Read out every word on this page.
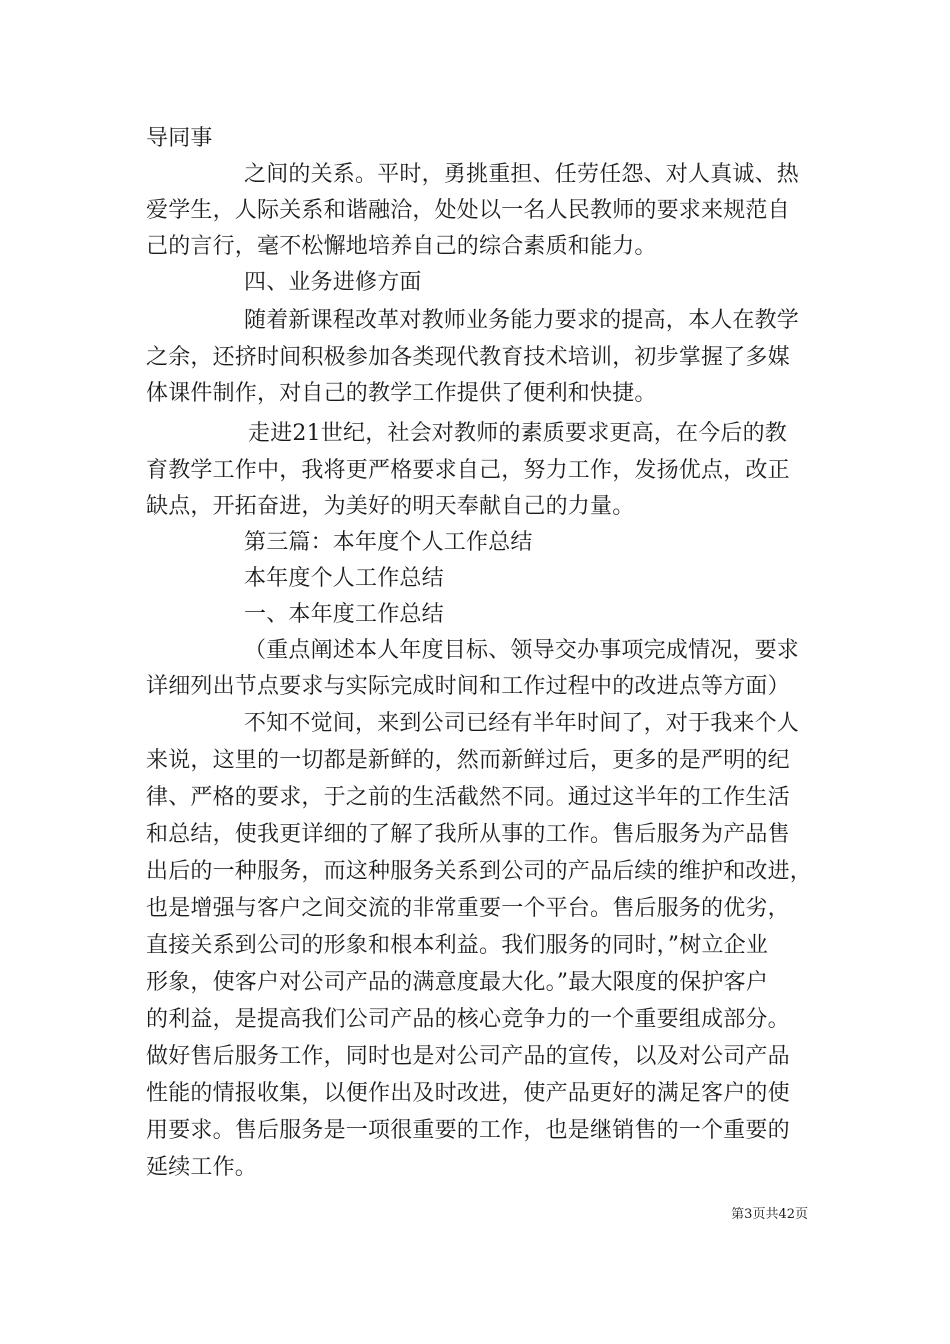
导同事
之间的关系。平时，勇挑重担、任劳任怨、对人真诚、热
爱学生，人际关系和谐融洽，处处以一名人民教师的要求来规范自
己的言行，毫不松懈地培养自己的综合素质和能力。
四、业务进修方面
随着新课程改革对教师业务能力要求的提高，本人在教学
之余，还挤时间积极参加各类现代教育技术培训，初步掌握了多媒
体课件制作，对自己的教学工作提供了便利和快捷。
走进21世纪，社会对教师的素质要求更高，在今后的教
育教学工作中，我将更严格要求自己，努力工作，发扬优点，改正
缺点，开拓奋进，为美好的明天奉献自己的力量。
第三篇：本年度个人工作总结
本年度个人工作总结
一、本年度工作总结
（重点阐述本人年度目标、领导交办事项完成情况，要求
详细列出节点要求与实际完成时间和工作过程中的改进点等方面）
不知不觉间，来到公司已经有半年时间了，对于我来个人
来说，这里的一切都是新鲜的，然而新鲜过后，更多的是严明的纪
律、严格的要求，于之前的生活截然不同。通过这半年的工作生活
和总结，使我更详细的了解了我所从事的工作。售后服务为产品售
出后的一种服务，而这种服务关系到公司的产品后续的维护和改进，
也是增强与客户之间交流的非常重要一个平台。售后服务的优劣，
直接关系到公司的形象和根本利益。我们服务的同时，”树立企业
形象，使客户对公司产品的满意度最大化。”最大限度的保护客户
的利益，是提高我们公司产品的核心竞争力的一个重要组成部分。
做好售后服务工作，同时也是对公司产品的宣传，以及对公司产品
性能的情报收集，以便作出及时改进，使产品更好的满足客户的使
用要求。售后服务是一项很重要的工作，也是继销售的一个重要的
延续工作。
第3页共42页
